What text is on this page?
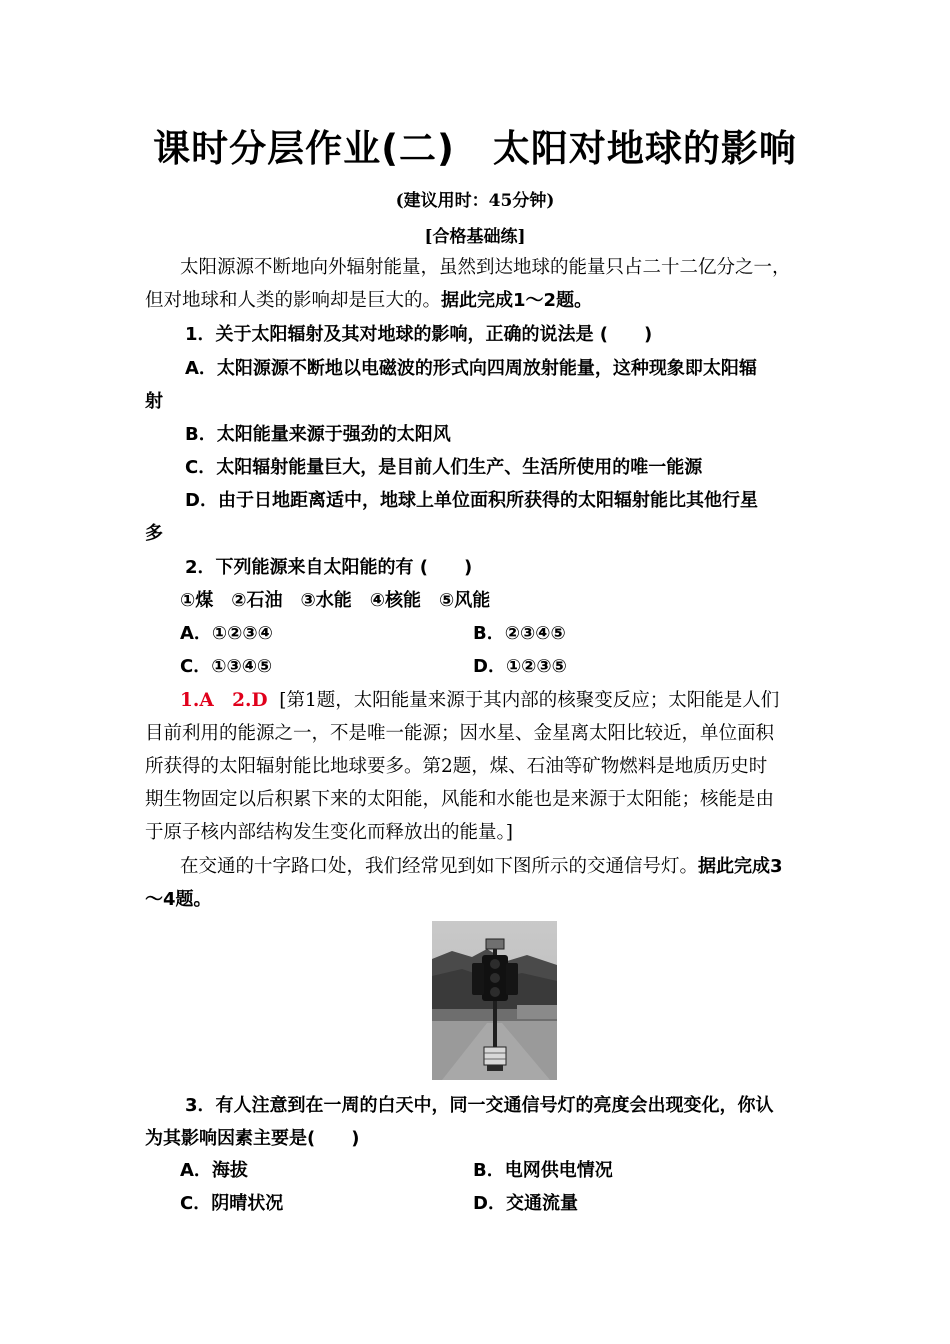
课时分层作业(二) 太阳对地球的影响
(建议用时：45分钟)
[合格基础练]
太阳源源不断地向外辐射能量，虽然到达地球的能量只占二十二亿分之一，
但对地球和人类的影响却是巨大的。据此完成1～2题。
1．关于太阳辐射及其对地球的影响，正确的说法是 (　　)
A．太阳源源不断地以电磁波的形式向四周放射能量，这种现象即太阳辐
射
B．太阳能量来源于强劲的太阳风
C．太阳辐射能量巨大，是目前人们生产、生活所使用的唯一能源
D．由于日地距离适中，地球上单位面积所获得的太阳辐射能比其他行星
多
2．下列能源来自太阳能的有 (　　)
①煤　②石油　③水能　④核能　⑤风能
A．①②③④	B．②③④⑤
C．①③④⑤	D．①②③⑤
1.A　2.D [第1题，太阳能量来源于其内部的核聚变反应；太阳能是人们
目前利用的能源之一，不是唯一能源；因水星、金星离太阳比较近，单位面积
所获得的太阳辐射能比地球要多。第2题，煤、石油等矿物燃料是地质历史时
期生物固定以后积累下来的太阳能，风能和水能也是来源于太阳能；核能是由
于原子核内部结构发生变化而释放出的能量。]
在交通的十字路口处，我们经常见到如下图所示的交通信号灯。据此完成3
～4题。
3．有人注意到在一周的白天中，同一交通信号灯的亮度会出现变化，你认
为其影响因素主要是(　　)
A．海拔	B．电网供电情况
C．阴晴状况	D．交通流量
